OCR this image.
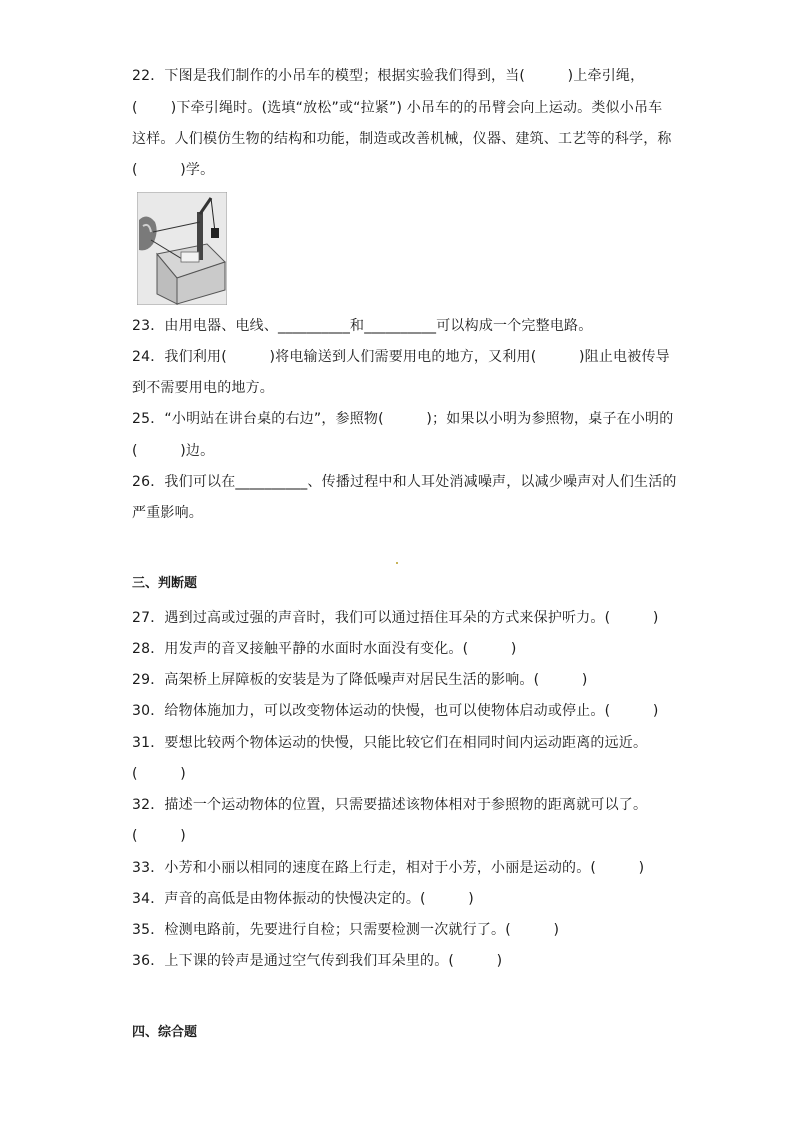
22．下图是我们制作的小吊车的模型；根据实验我们得到，当(　　　)上牵引绳，
(　　 )下牵引绳时。(选填“放松”或“拉紧”) 小吊车的的吊臂会向上运动。类似小吊车
这样。人们模仿生物的结构和功能，制造或改善机械，仪器、建筑、工艺等的科学，称
(　　　)学。
23．由用电器、电线、__________和__________可以构成一个完整电路。
24．我们利用(　　　)将电输送到人们需要用电的地方，又利用(　　　)阻止电被传导
到不需要用电的地方。
25．“小明站在讲台桌的右边”，参照物(　　　)；如果以小明为参照物，桌子在小明的
(　　　)边。
26．我们可以在__________、传播过程中和人耳处消减噪声，以减少噪声对人们生活的
严重影响。
三、判断题
27．遇到过高或过强的声音时，我们可以通过捂住耳朵的方式来保护听力。(　　　)
28．用发声的音叉接触平静的水面时水面没有变化。(　　　)
29．高架桥上屏障板的安装是为了降低噪声对居民生活的影响。(　　　)
30．给物体施加力，可以改变物体运动的快慢，也可以使物体启动或停止。(　　　)
31．要想比较两个物体运动的快慢，只能比较它们在相同时间内运动距离的远近。
(　　　)
32．描述一个运动物体的位置，只需要描述该物体相对于参照物的距离就可以了。
(　　　)
33．小芳和小丽以相同的速度在路上行走，相对于小芳，小丽是运动的。(　　　)
34．声音的高低是由物体振动的快慢决定的。(　　　)
35．检测电路前，先要进行自检；只需要检测一次就行了。(　　　)
36．上下课的铃声是通过空气传到我们耳朵里的。(　　　)
四、综合题
